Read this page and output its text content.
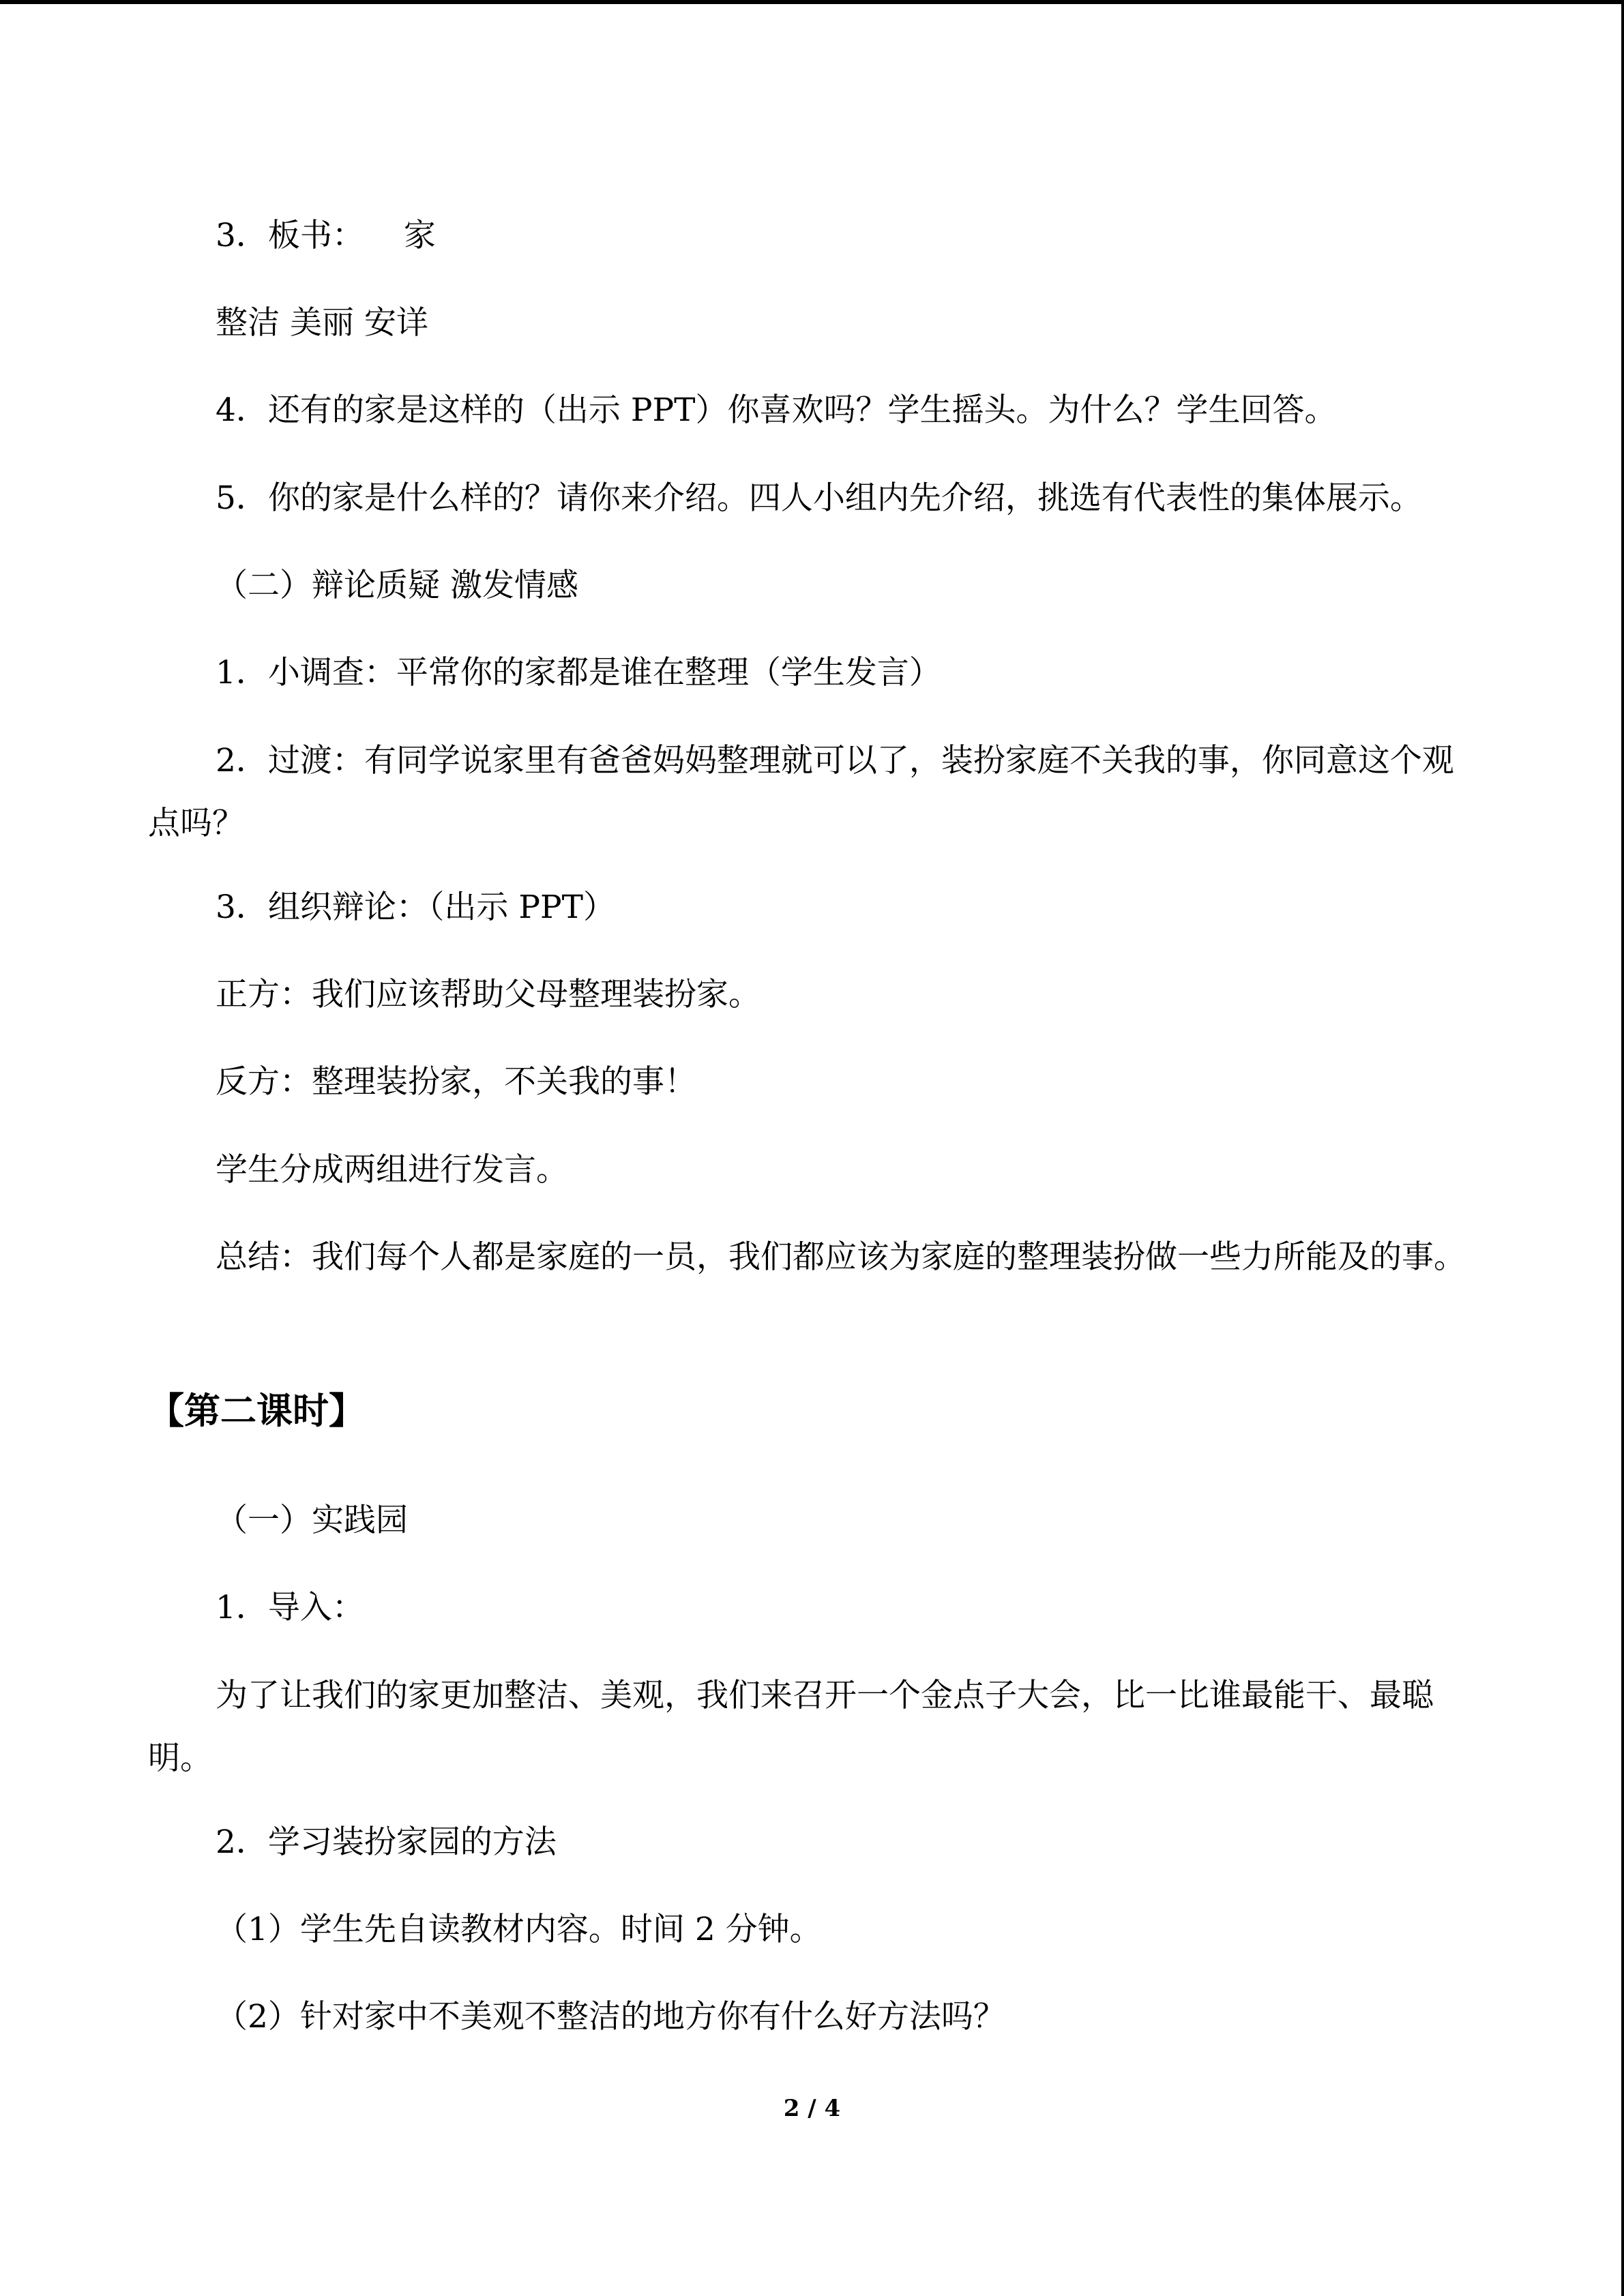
3．板书： 家
整洁 美丽 安详
4．还有的家是这样的（出示 PPT）你喜欢吗？学生摇头。为什么？学生回答。
5．你的家是什么样的？请你来介绍。四人小组内先介绍，挑选有代表性的集体展示。
（二）辩论质疑 激发情感
1．小调查：平常你的家都是谁在整理（学生发言）
2．过渡：有同学说家里有爸爸妈妈整理就可以了，装扮家庭不关我的事，你同意这个观点吗？
3．组织辩论：（出示 PPT）
正方：我们应该帮助父母整理装扮家。
反方：整理装扮家，不关我的事！
学生分成两组进行发言。
总结：我们每个人都是家庭的一员，我们都应该为家庭的整理装扮做一些力所能及的事。
【第二课时】
（一）实践园
1．导入：
为了让我们的家更加整洁、美观，我们来召开一个金点子大会，比一比谁最能干、最聪明。
2．学习装扮家园的方法
（1）学生先自读教材内容。时间 2 分钟。
（2）针对家中不美观不整洁的地方你有什么好方法吗？
2 / 4
